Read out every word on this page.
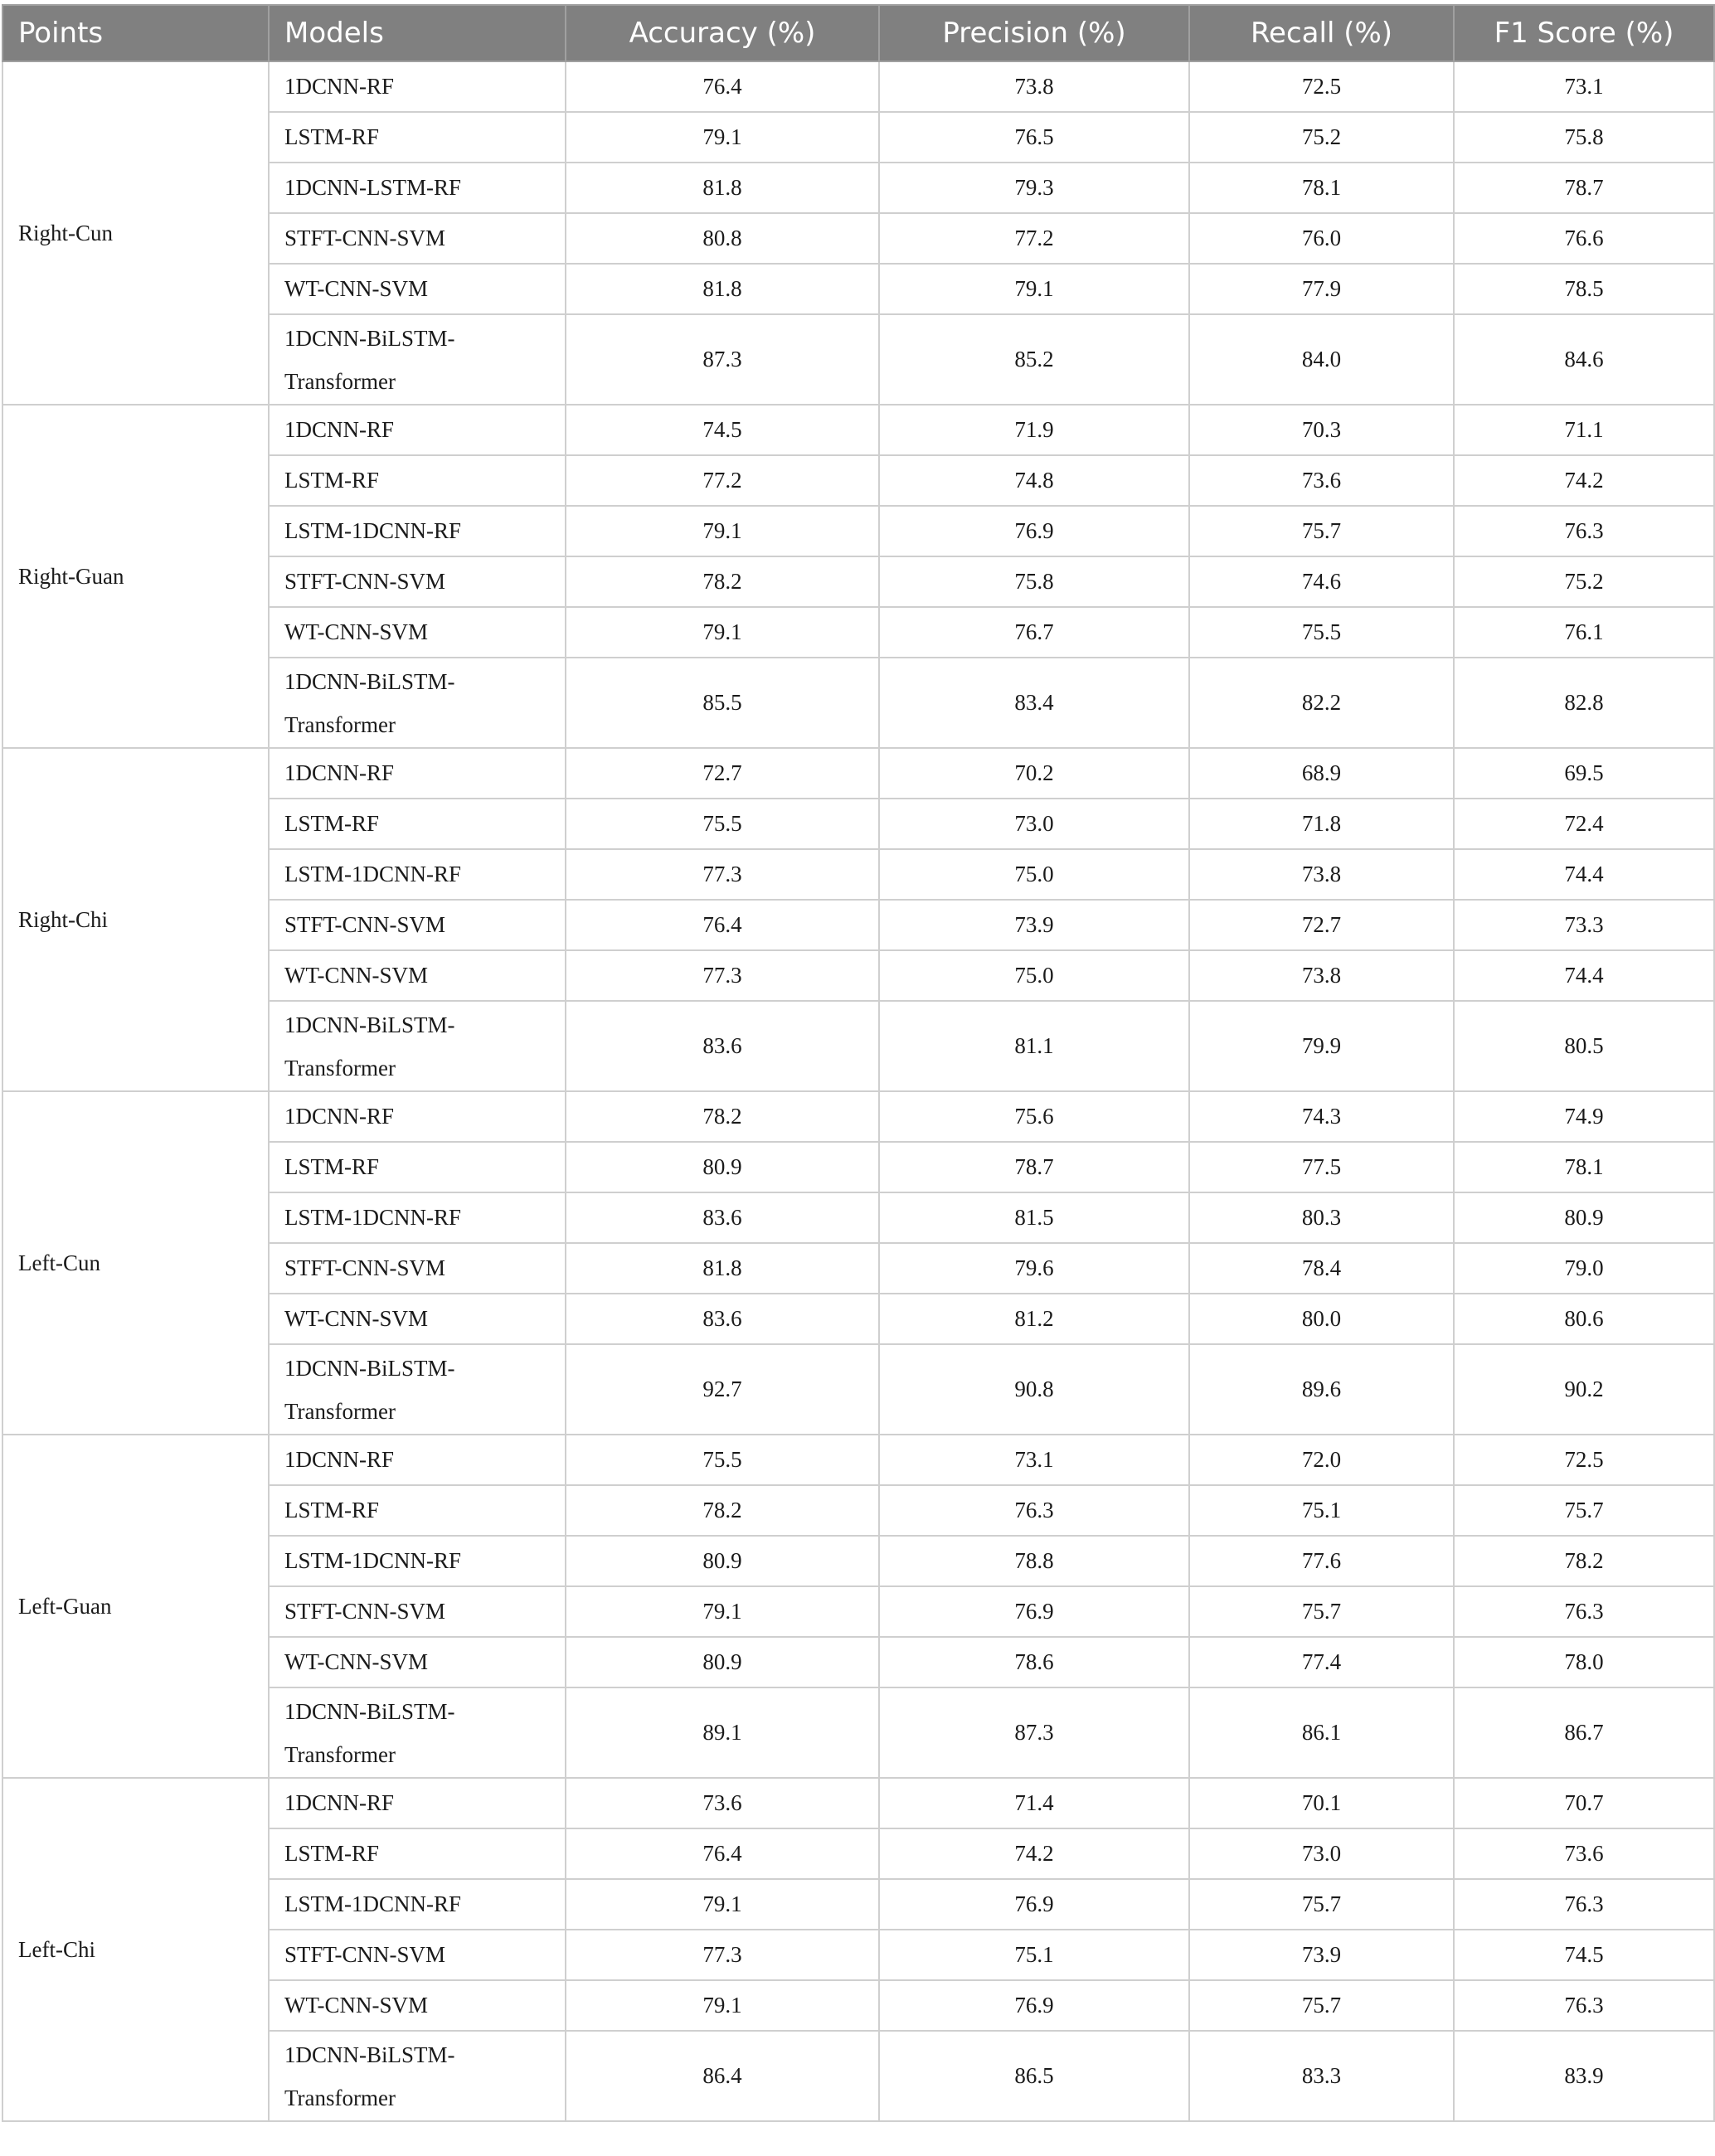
Points	Models	Accuracy (%)	Precision (%)	Recall (%)	F1 Score (%)
Right-Cun	1DCNN-RF	76.4	73.8	72.5	73.1

	LSTM-RF	79.1	76.5	75.2	75.8

	1DCNN-LSTM-RF	81.8	79.3	78.1	78.7

	STFT-CNN-SVM	80.8	77.2	76.0	76.6

	WT-CNN-SVM	81.8	79.1	77.9	78.5

	1DCNN-BiLSTM-Transformer	87.3	85.2	84.0	84.6
Right-Guan	1DCNN-RF	74.5	71.9	70.3	71.1

	LSTM-RF	77.2	74.8	73.6	74.2

	LSTM-1DCNN-RF	79.1	76.9	75.7	76.3

	STFT-CNN-SVM	78.2	75.8	74.6	75.2

	WT-CNN-SVM	79.1	76.7	75.5	76.1

	1DCNN-BiLSTM-Transformer	85.5	83.4	82.2	82.8
Right-Chi	1DCNN-RF	72.7	70.2	68.9	69.5

	LSTM-RF	75.5	73.0	71.8	72.4

	LSTM-1DCNN-RF	77.3	75.0	73.8	74.4

	STFT-CNN-SVM	76.4	73.9	72.7	73.3

	WT-CNN-SVM	77.3	75.0	73.8	74.4

	1DCNN-BiLSTM-Transformer	83.6	81.1	79.9	80.5
Left-Cun	1DCNN-RF	78.2	75.6	74.3	74.9

	LSTM-RF	80.9	78.7	77.5	78.1

	LSTM-1DCNN-RF	83.6	81.5	80.3	80.9

	STFT-CNN-SVM	81.8	79.6	78.4	79.0

	WT-CNN-SVM	83.6	81.2	80.0	80.6

	1DCNN-BiLSTM-Transformer	92.7	90.8	89.6	90.2
Left-Guan	1DCNN-RF	75.5	73.1	72.0	72.5

	LSTM-RF	78.2	76.3	75.1	75.7

	LSTM-1DCNN-RF	80.9	78.8	77.6	78.2

	STFT-CNN-SVM	79.1	76.9	75.7	76.3

	WT-CNN-SVM	80.9	78.6	77.4	78.0

	1DCNN-BiLSTM-Transformer	89.1	87.3	86.1	86.7
Left-Chi	1DCNN-RF	73.6	71.4	70.1	70.7

	LSTM-RF	76.4	74.2	73.0	73.6

	LSTM-1DCNN-RF	79.1	76.9	75.7	76.3

	STFT-CNN-SVM	77.3	75.1	73.9	74.5

	WT-CNN-SVM	79.1	76.9	75.7	76.3

	1DCNN-BiLSTM-Transformer	86.4	86.5	83.3	83.9
